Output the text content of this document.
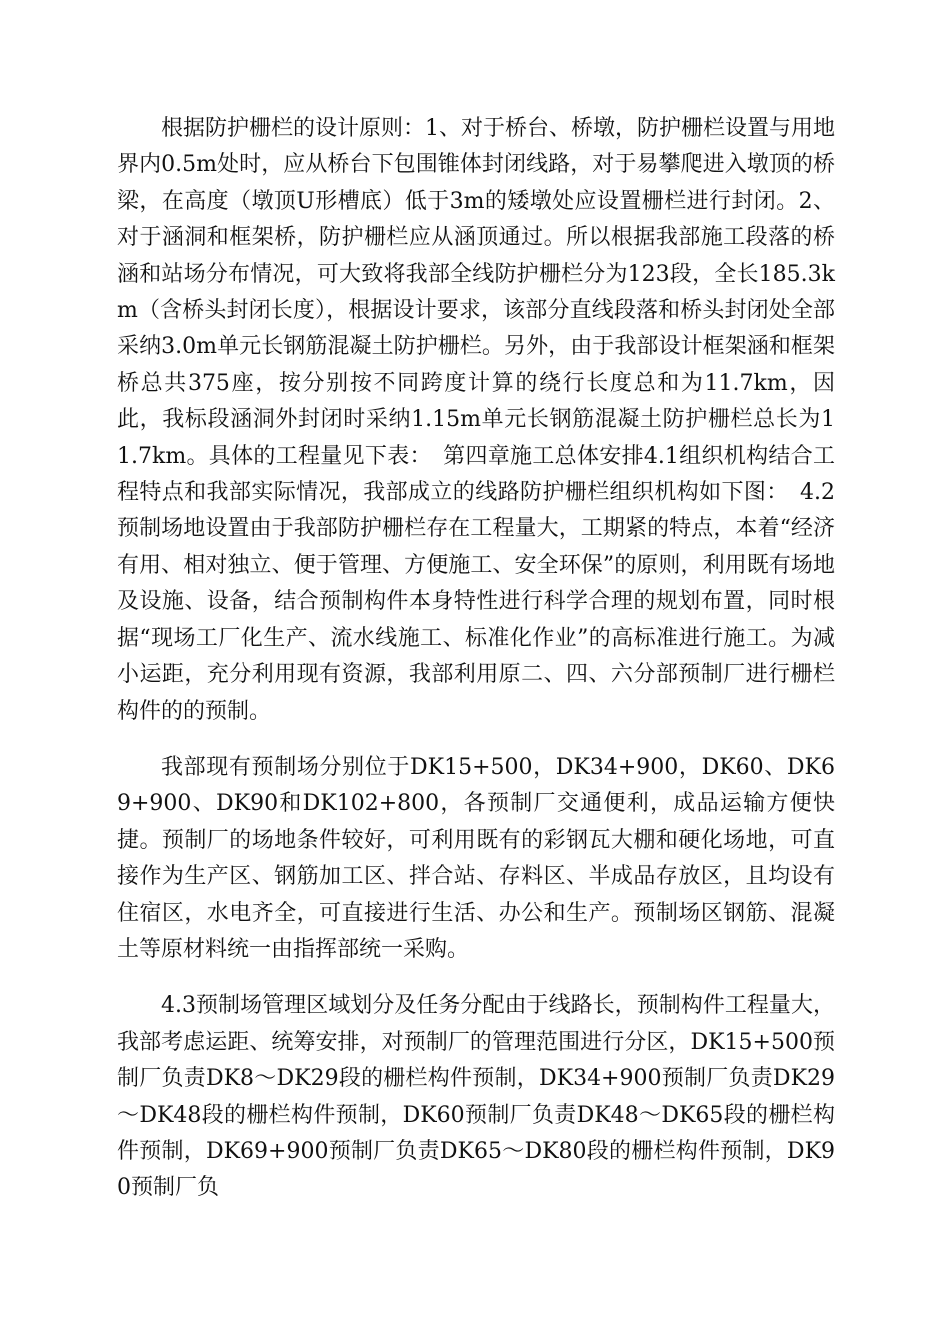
根据防护栅栏的设计原则：1、对于桥台、桥墩，防护栅栏设置与用地界内0.5m处时，应从桥台下包围锥体封闭线路，对于易攀爬进入墩顶的桥梁，在高度（墩顶U形槽底）低于3m的矮墩处应设置栅栏进行封闭。2、对于涵洞和框架桥，防护栅栏应从涵顶通过。所以根据我部施工段落的桥涵和站场分布情况，可大致将我部全线防护栅栏分为123段，全长185.3km（含桥头封闭长度），根据设计要求，该部分直线段落和桥头封闭处全部采纳3.0m单元长钢筋混凝土防护栅栏。另外，由于我部设计框架涵和框架桥总共375座，按分别按不同跨度计算的绕行长度总和为11.7km，因此，我标段涵洞外封闭时采纳1.15m单元长钢筋混凝土防护栅栏总长为11.7km。具体的工程量见下表：　第四章施工总体安排4.1组织机构结合工程特点和我部实际情况，我部成立的线路防护栅栏组织机构如下图：　4.2预制场地设置由于我部防护栅栏存在工程量大，工期紧的特点，本着“经济有用、相对独立、便于管理、方便施工、安全环保”的原则，利用既有场地及设施、设备，结合预制构件本身特性进行科学合理的规划布置，同时根据“现场工厂化生产、流水线施工、标准化作业”的高标准进行施工。为减小运距，充分利用现有资源，我部利用原二、四、六分部预制厂进行栅栏构件的的预制。

我部现有预制场分别位于DK15+500，DK34+900，DK60、DK69+900、DK90和DK102+800，各预制厂交通便利，成品运输方便快捷。预制厂的场地条件较好，可利用既有的彩钢瓦大棚和硬化场地，可直接作为生产区、钢筋加工区、拌合站、存料区、半成品存放区，且均设有住宿区，水电齐全，可直接进行生活、办公和生产。预制场区钢筋、混凝土等原材料统一由指挥部统一采购。

4.3预制场管理区域划分及任务分配由于线路长，预制构件工程量大，我部考虑运距、统筹安排，对预制厂的管理范围进行分区，DK15+500预制厂负责DK8～DK29段的栅栏构件预制，DK34+900预制厂负责DK29～DK48段的栅栏构件预制，DK60预制厂负责DK48～DK65段的栅栏构件预制，DK69+900预制厂负责DK65～DK80段的栅栏构件预制，DK90预制厂负
